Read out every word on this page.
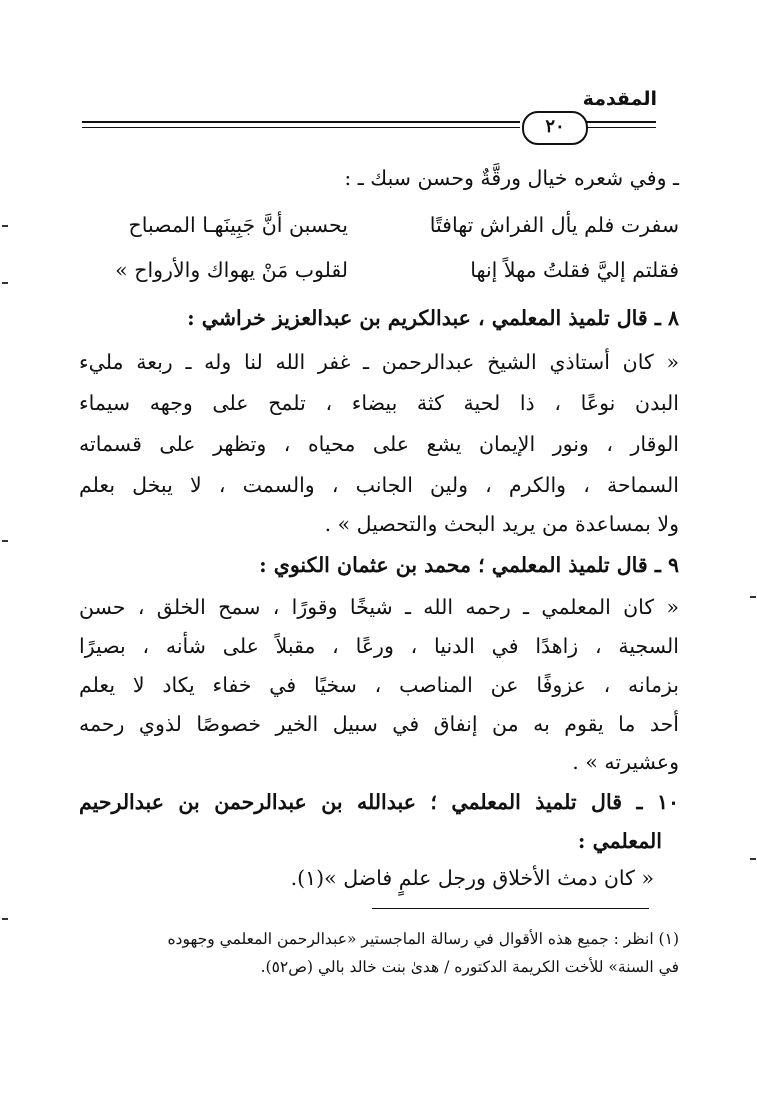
المقدمة
٢٠
ـ وفي شعره خيال ورقَّةٌ وحسن سبك ـ :
سفرت فلم يأل الفراش تهافتًا
يحسبن أنَّ جَبِينَهـا المصباح
فقلتم إليَّ فقلتُ مهلاً إنها
لقلوب مَنْ يهواك والأرواح »
٨ ـ قال تلميذ المعلمي ، عبدالكريم بن عبدالعزيز خراشي :
« كان أستاذي الشيخ عبدالرحمن ـ غفر الله لنا وله ـ ربعة مليء
البدن نوعًا ، ذا لحية كثة بيضاء ، تلمح على وجهه سيماء
الوقار ، ونور الإيمان يشع على محياه ، وتظهر على قسماته
السماحة ، والكرم ، ولين الجانب ، والسمت ، لا يبخل بعلم
ولا بمساعدة من يريد البحث والتحصيل » .
٩ ـ قال تلميذ المعلمي ؛ محمد بن عثمان الكنوي :
« كان المعلمي ـ رحمه الله ـ شيخًا وقورًا ، سمح الخلق ، حسن
السجية ، زاهدًا في الدنيا ، ورعًا ، مقبلاً على شأنه ، بصيرًا
بزمانه ، عزوفًا عن المناصب ، سخيًا في خفاء يكاد لا يعلم
أحد ما يقوم به من إنفاق في سبيل الخير خصوصًا لذوي رحمه
وعشيرته » .
١٠ ـ قال تلميذ المعلمي ؛ عبدالله بن عبدالرحمن بن عبدالرحيم
المعلمي :
« كان دمث الأخلاق ورجل علمٍ فاضل »(١).
(١) انظر : جميع هذه الأقوال في رسالة الماجستير «عبدالرحمن المعلمي وجهوده
في السنة» للأخت الكريمة الدكتوره / هدىٰ بنت خالد بالي (ص٥٢).
